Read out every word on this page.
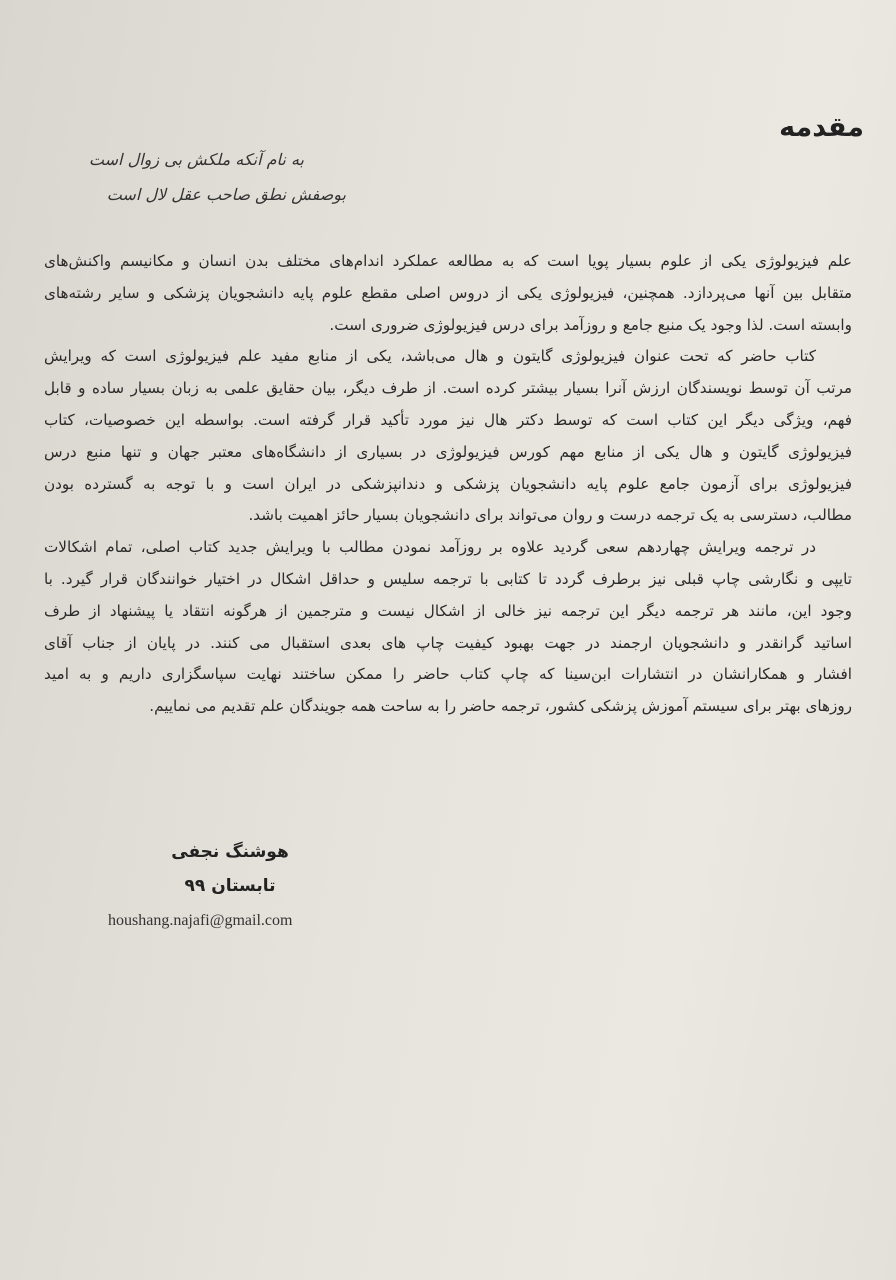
مقدمه
به نام آنکه ملکش بی زوال است
بوصفش نطق صاحب عقل لال است
علم فیزیولوژی یکی از علوم بسیار پویا است که به مطالعه عملکرد اندام‌های مختلف بدن انسان و مکانیسم واکنش‌های
متقابل بین آنها می‌پردازد. همچنین، فیزیولوژی یکی از دروس اصلی مقطع علوم پایه دانشجویان پزشکی و سایر رشته‌های
وابسته است. لذا وجود یک منبع جامع و روزآمد برای درس فیزیولوژی ضروری است.
کتاب حاضر که تحت عنوان فیزیولوژی گایتون و هال می‌باشد، یکی از منابع مفید علم فیزیولوژی است که ویرایش
مرتب آن توسط نویسندگان ارزش آنرا بسیار بیشتر کرده است. از طرف دیگر، بیان حقایق علمی به زبان بسیار ساده و قابل
فهم، ویژگی دیگر این کتاب است که توسط دکتر هال نیز مورد تأکید قرار گرفته است. بواسطه این خصوصیات، کتاب
فیزیولوژی گایتون و هال یکی از منابع مهم کورس فیزیولوژی در بسیاری از دانشگاه‌های معتبر جهان و تنها منبع درس
فیزیولوژی برای آزمون جامع علوم پایه دانشجویان پزشکی و دندانپزشکی در ایران است و با توجه به گسترده بودن
مطالب، دسترسی به یک ترجمه درست و روان می‌تواند برای دانشجویان بسیار حائز اهمیت باشد.
در ترجمه ویرایش چهاردهم سعی گردید علاوه بر روزآمد نمودن مطالب با ویرایش جدید کتاب اصلی، تمام اشکالات
تایپی و نگارشی چاپ قبلی نیز برطرف گردد تا کتابی با ترجمه سلیس و حداقل اشکال در اختیار خوانندگان قرار گیرد. با
وجود این، مانند هر ترجمه دیگر این ترجمه نیز خالی از اشکال نیست و مترجمین از هرگونه انتقاد یا پیشنهاد از طرف
اساتید گرانقدر و دانشجویان ارجمند در جهت بهبود کیفیت چاپ های بعدی استقبال می کنند. در پایان از جناب آقای
افشار و همکارانشان در انتشارات ابن‌سینا که چاپ کتاب حاضر را ممکن ساختند نهایت سپاسگزاری داریم و به امید
روزهای بهتر برای سیستم آموزش پزشکی کشور، ترجمه حاضر را به ساحت همه جویندگان علم تقدیم می نماییم.
هوشنگ نجفی
تابستان ۹۹
houshang.najafi@gmail.com
